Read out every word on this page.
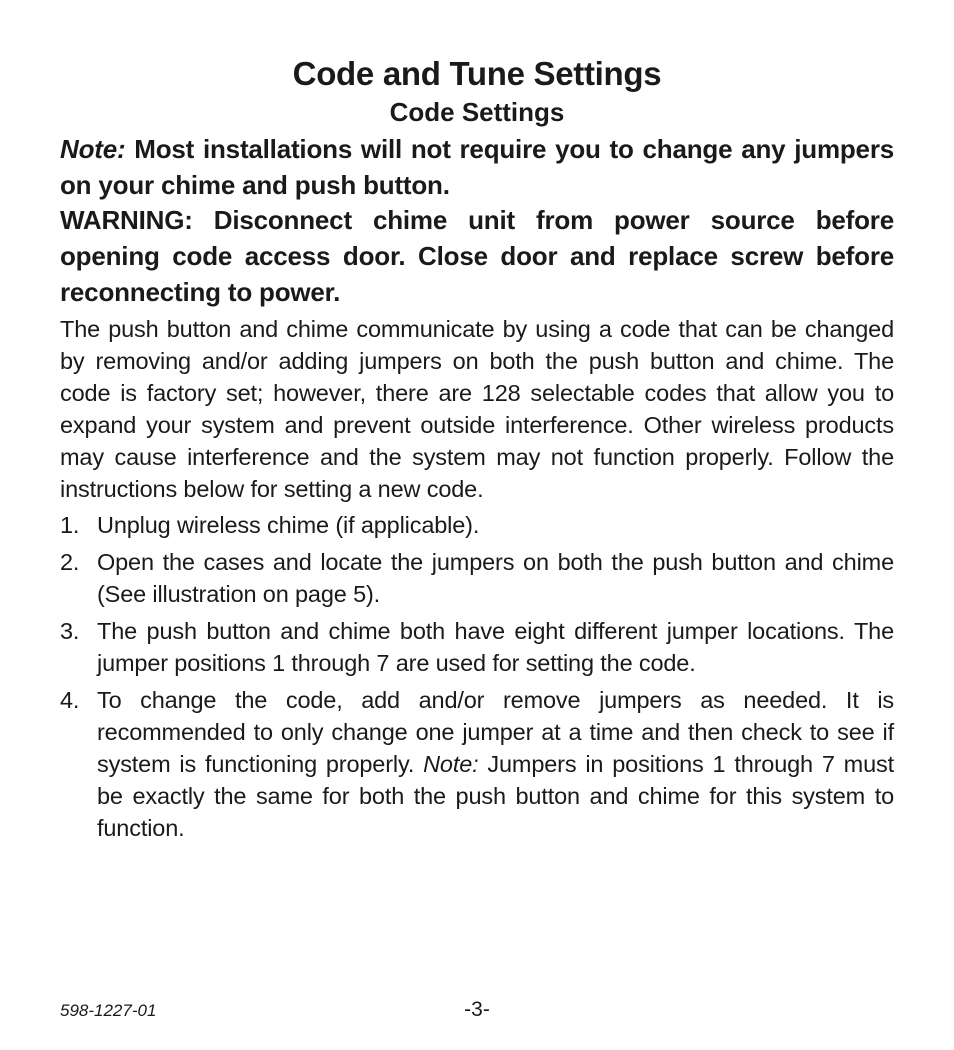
Code and Tune Settings
Code Settings
Note: Most installations will not require you to change any jumpers on your chime and push button.
WARNING: Disconnect chime unit from power source before opening code access door. Close door and replace screw before reconnecting to power.
The push button and chime communicate by using a code that can be changed by removing and/or adding jumpers on both the push button and chime. The code is factory set; however, there are 128 selectable codes that allow you to expand your system and prevent outside interference. Other wireless products may cause interference and the system may not function properly. Follow the instructions below for setting a new code.
1. Unplug wireless chime (if applicable).
2. Open the cases and locate the jumpers on both the push button and chime (See illustration on page 5).
3. The push button and chime both have eight different jumper locations. The jumper positions 1 through 7 are used for setting the code.
4. To change the code, add and/or remove jumpers as needed. It is recommended to only change one jumper at a time and then check to see if system is functioning properly. Note: Jumpers in positions 1 through 7 must be exactly the same for both the push button and chime for this system to function.
598-1227-01	-3-
